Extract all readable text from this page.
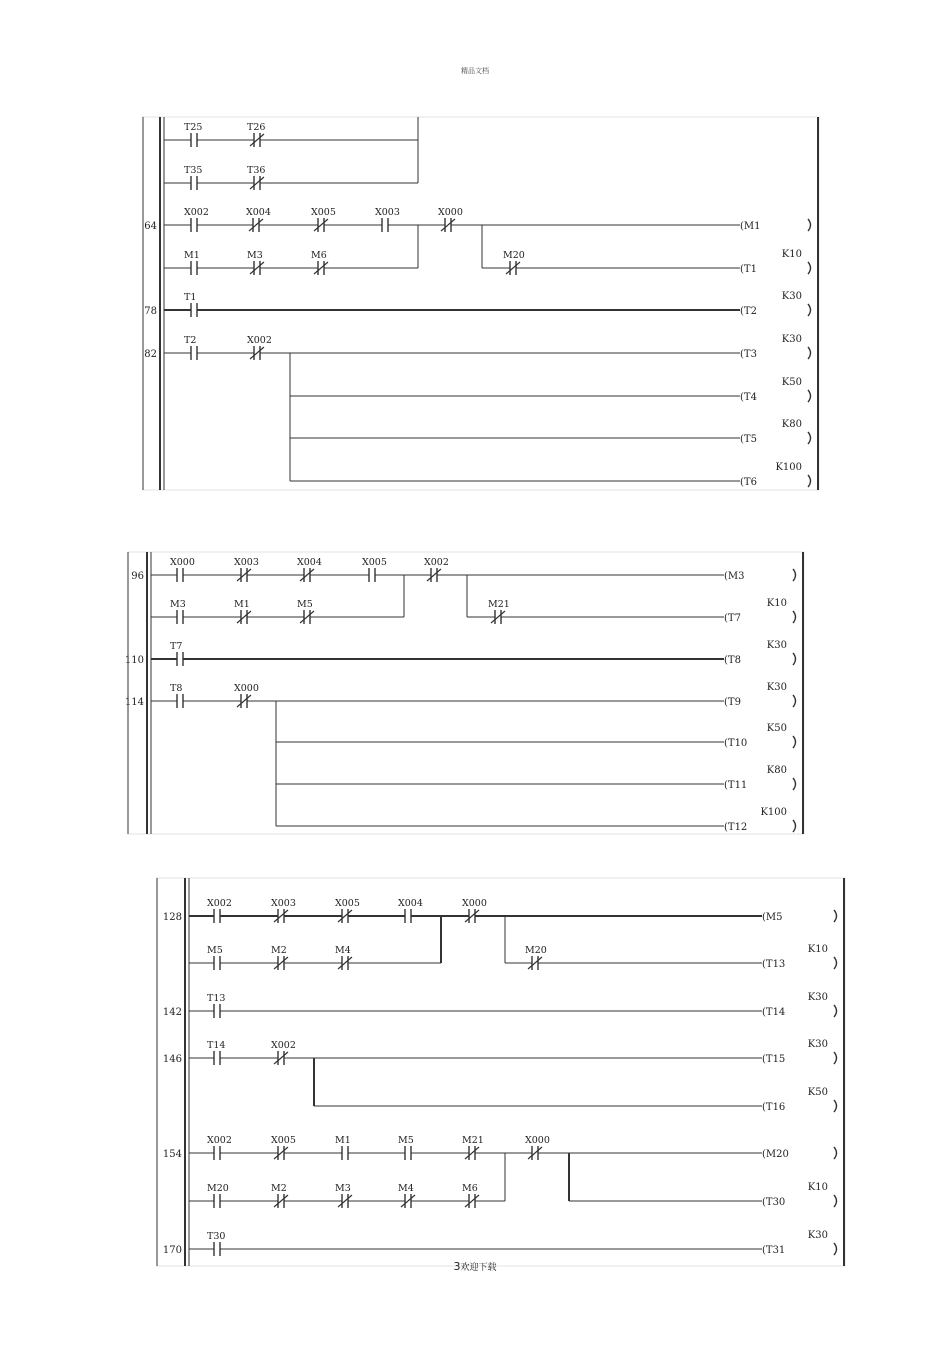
精品文档
T25	T26
T35	T36
64
X002	X004	X005	X003	X000
(M1
M1	M3	M6	M20
(T1
K10
78
T1
(T2
K30
82
T2	X002
(T3
K30
(T4
K50
(T5
K80
(T6
K100
96
X000	X003	X004	X005	X002
(M3
M3	M1	M5	M21
(T7
K10
110
T7
(T8
K30
114
T8	X000
(T9
K30
(T10
K50
(T11
K80
(T12
K100
128
X002	X003	X005	X004	X000
(M5
M5	M2	M4	M20
(T13
K10
142
T13
(T14
K30
146
T14	X002
(T15
K30
(T16
K50
154
X002	X005	M1	M5	M21	X000
(M20
M20	M2	M3	M4	M6
(T30
K10
170
T30
(T31
K30
3欢迎下载
